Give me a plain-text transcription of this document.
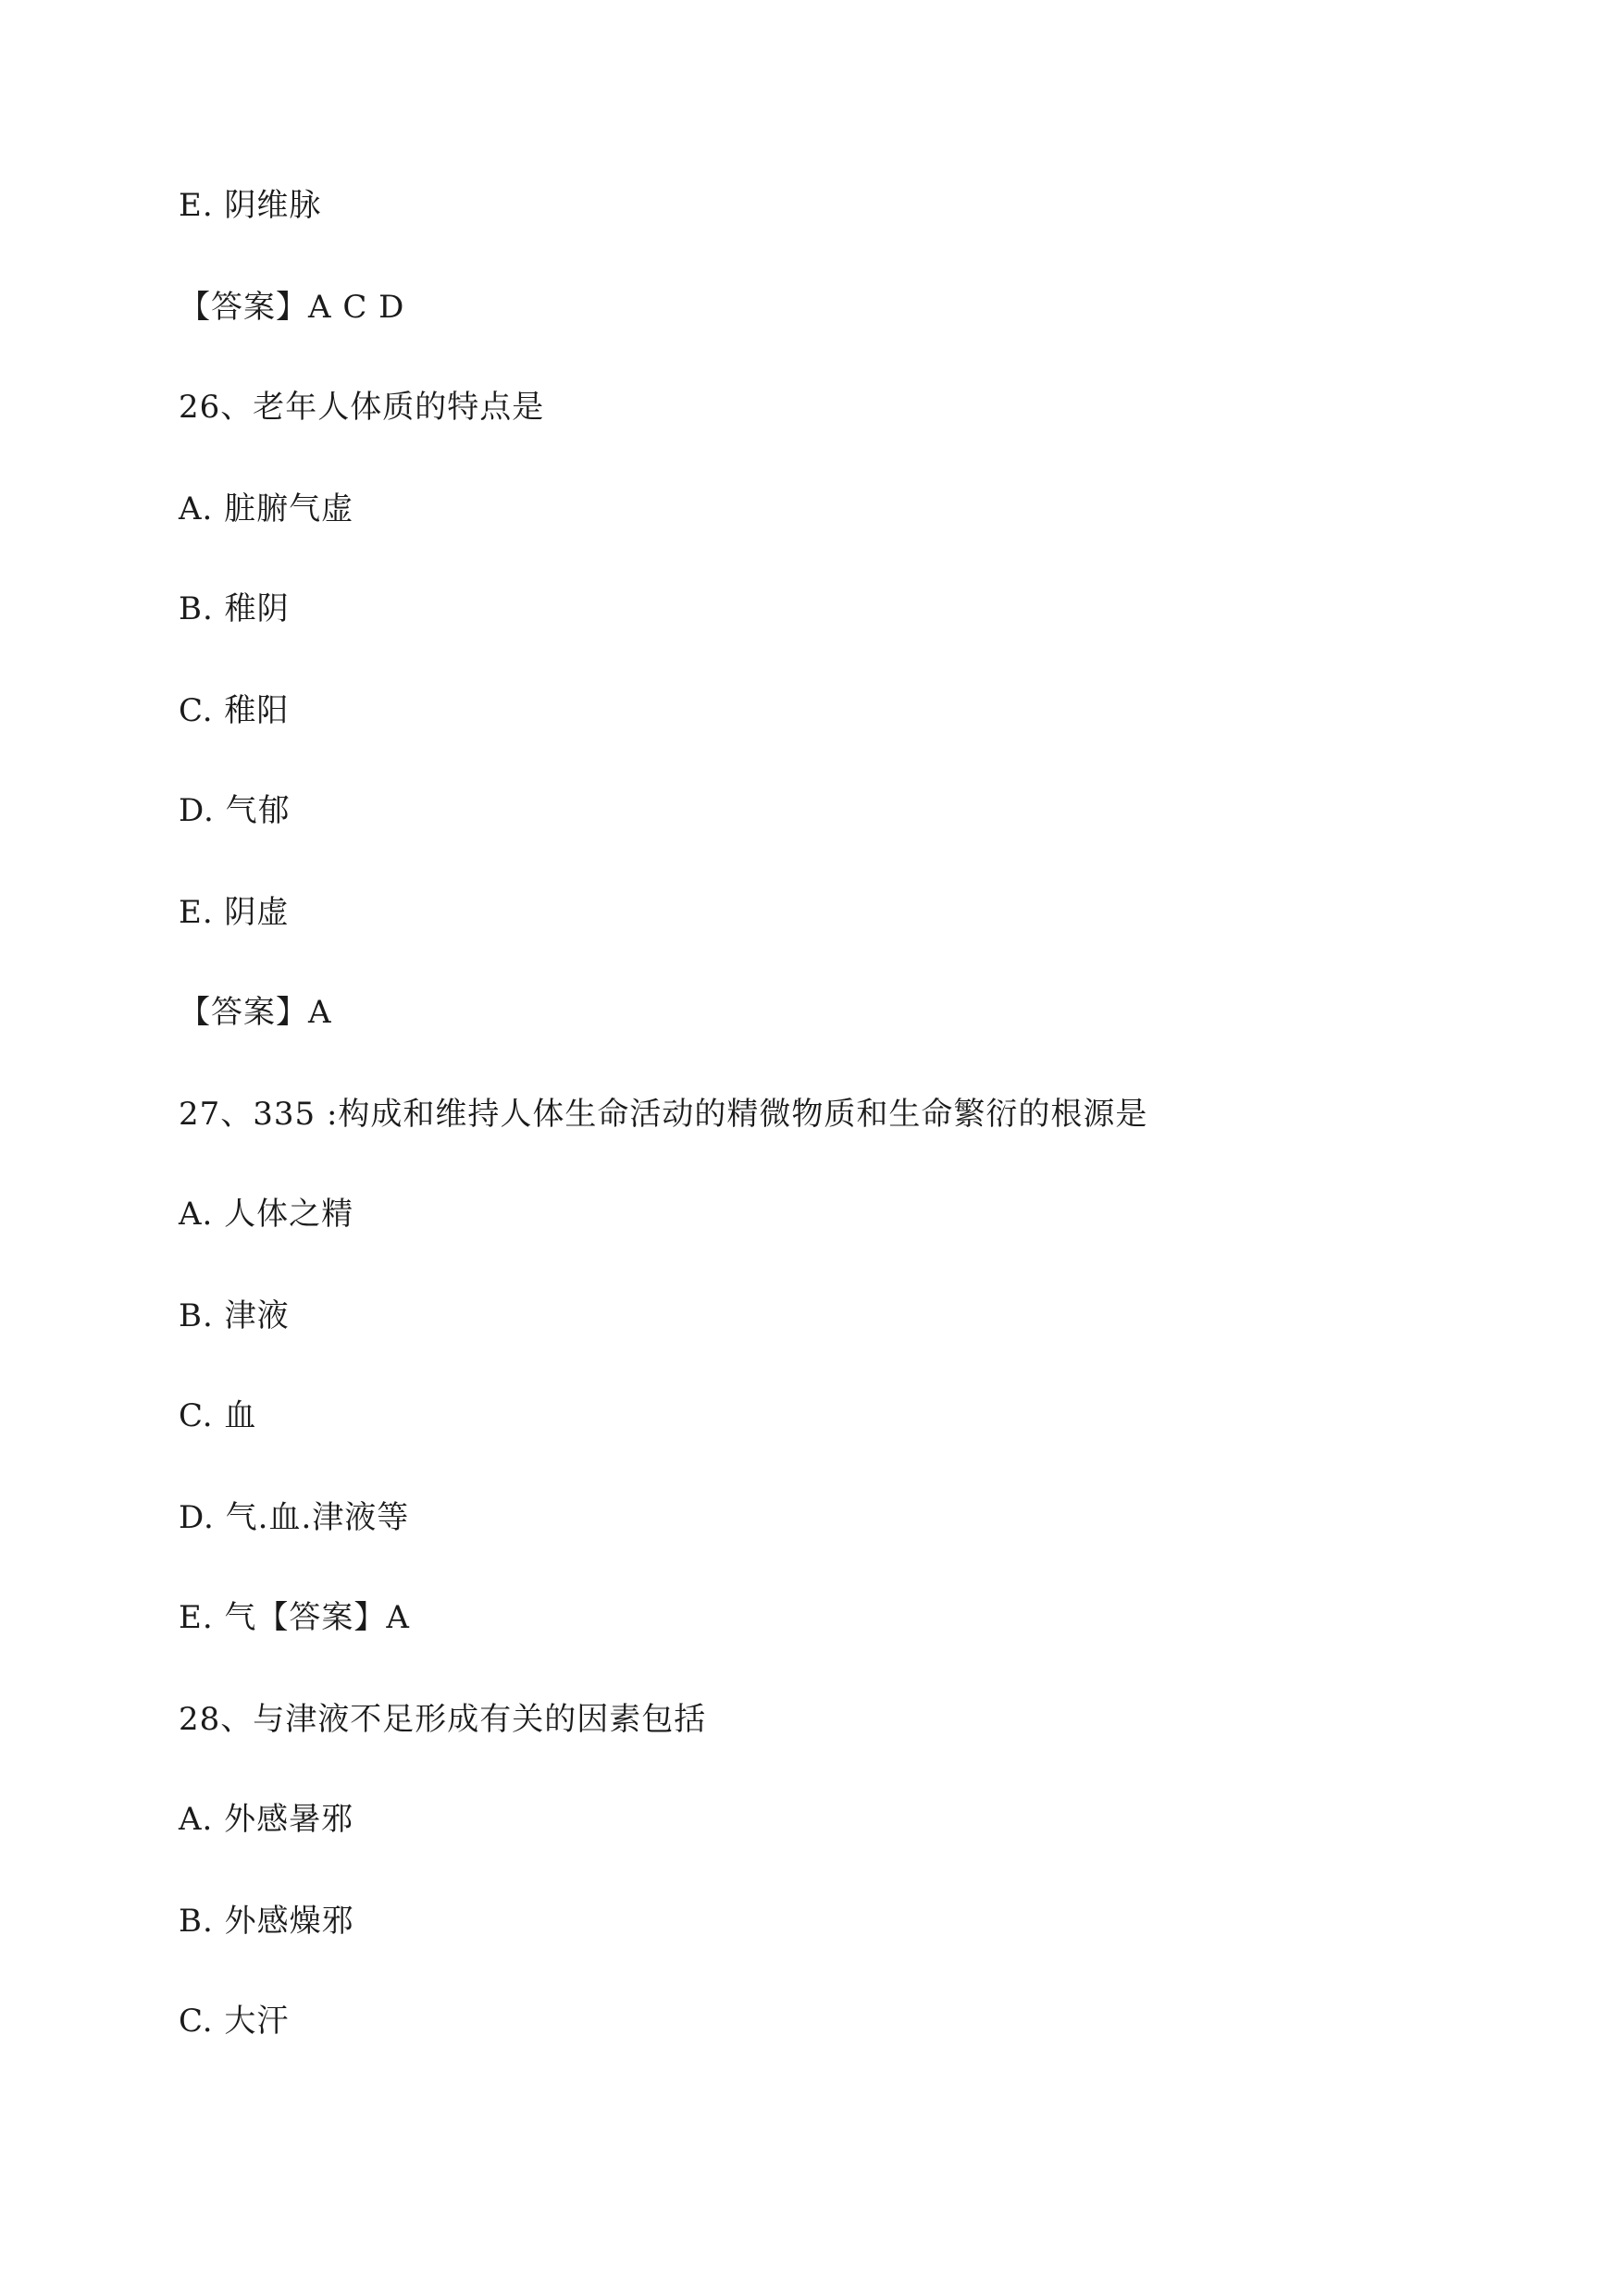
E. 阴维脉
【答案】A C D
26、老年人体质的特点是
A. 脏腑气虚
B. 稚阴
C. 稚阳
D. 气郁
E. 阴虚
【答案】A
27、335 :构成和维持人体生命活动的精微物质和生命繁衍的根源是
A. 人体之精
B. 津液
C. 血
D. 气.血.津液等
E. 气【答案】A
28、与津液不足形成有关的因素包括
A. 外感暑邪
B. 外感燥邪
C. 大汗
